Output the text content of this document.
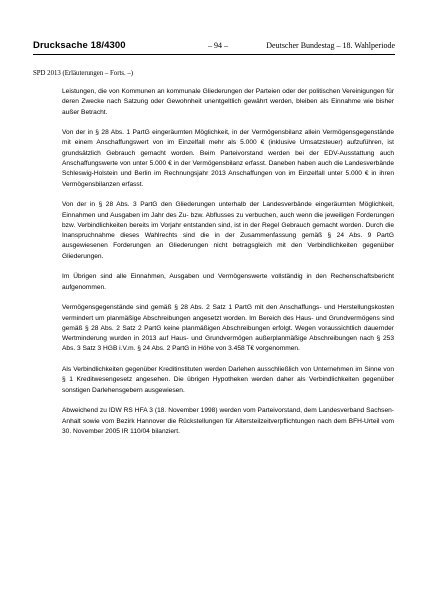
Drucksache 18/4300	– 94 –	Deutscher Bundestag – 18. Wahlperiode
SPD 2013 (Erläuterungen – Forts. –)

Leistungen, die von Kommunen an kommunale Gliederungen der Parteien oder der politischen Vereinigungen für deren Zwecke nach Satzung oder Gewohnheit unentgeltlich gewährt werden, bleiben als Einnahme wie bisher außer Betracht.

Von der in § 28 Abs. 1 PartG eingeräumten Möglichkeit, in der Vermögensbilanz allein Vermögensgegenstände mit einem Anschaffungswert von im Einzelfall mehr als 5.000 € (inklusive Umsatzsteuer) aufzuführen, ist grundsätzlich Gebrauch gemacht worden. Beim Parteivorstand werden bei der EDV-Ausstattung auch Anschaffungswerte von unter 5.000 € in der Vermögensbilanz erfasst. Daneben haben auch die Landesverbände Schleswig-Holstein und Berlin im Rechnungsjahr 2013 Anschaffungen von im Einzelfall unter 5.000 € in ihren Vermögensbilanzen erfasst.

Von der in § 28 Abs. 3 PartG den Gliederungen unterhalb der Landesverbände eingeräumten Möglichkeit, Einnahmen und Ausgaben im Jahr des Zu- bzw. Abflusses zu verbuchen, auch wenn die jeweiligen Forderungen bzw. Verbindlichkeiten bereits im Vorjahr entstanden sind, ist in der Regel Gebrauch gemacht worden. Durch die Inanspruchnahme dieses Wahlrechts sind die in der Zusammenfassung gemäß § 24 Abs. 9 PartG ausgewiesenen Forderungen an Gliederungen nicht betragsgleich mit den Verbindlichkeiten gegenüber Gliederungen.

Im Übrigen sind alle Einnahmen, Ausgaben und Vermögenswerte vollständig in den Rechenschaftsbericht aufgenommen.

Vermögensgegenstände sind gemäß § 28 Abs. 2 Satz 1 PartG mit den Anschaffungs- und Herstellungskosten vermindert um planmäßige Abschreibungen angesetzt worden. Im Bereich des Haus- und Grundvermögens sind gemäß § 28 Abs. 2 Satz 2 PartG keine planmäßigen Abschreibungen erfolgt. Wegen voraussichtlich dauernder Wertminderung wurden in 2013 auf Haus- und Grundvermögen außerplanmäßige Abschreibungen nach § 253 Abs. 3 Satz 3 HGB i.V.m. § 24 Abs. 2 PartG in Höhe von 3.458 T€ vorgenommen.

Als Verbindlichkeiten gegenüber Kreditinstituten werden Darlehen ausschließlich von Unternehmen im Sinne von § 1 Kreditwesengesetz angesehen. Die übrigen Hypotheken werden daher als Verbindlichkeiten gegenüber sonstigen Darlehensgebern ausgewiesen.

Abweichend zu IDW RS HFA 3 (18. November 1998) werden vom Parteivorstand, dem Landesverband Sachsen-Anhalt sowie vom Bezirk Hannover die Rückstellungen für Altersteilzeitverpflichtungen nach dem BFH-Urteil vom 30. November 2005 IR 110/04 bilanziert.
